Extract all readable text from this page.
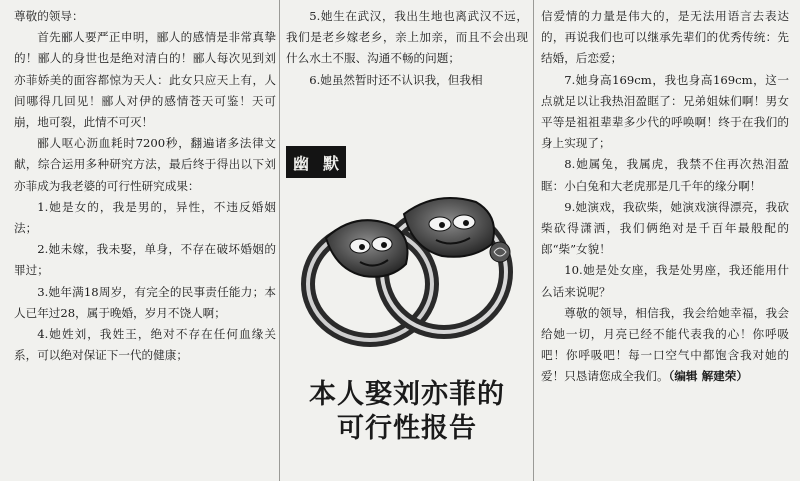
尊敬的领导：

首先郦人要严正申明，郦人的感情是非常真挚的！郦人的身世也是绝对清白的！郦人每次见到刘亦菲娇美的面容都惊为天人：此女只应天上有，人间哪得几回见！郦人对伊的感情苍天可鉴！天可崩，地可裂，此情不可灭！

郦人呕心沥血耗时7200秒，翻遍诸多法律文献，综合运用多种研究方法，最后终于得出以下刘亦菲成为我老婆的可行性研究成果：

1.她是女的，我是男的，异性，不违反婚姻法；

2.她未嫁，我未娶，单身，不存在破坏婚姻的罪过；

3.她年满18周岁，有完全的民事责任能力；本人已年过28，属于晚婚，岁月不饶人啊；

4.她姓刘，我姓王，绝对不存在任何血缘关系，可以绝对保证下一代的健康；

5.她生在武汉，我出生地也离武汉不远，我们是老乡嫁老乡，亲上加亲，而且不会出现什么水土不服、沟通不畅的问题；

6.她虽然暂时还不认识我，但我相

幽 默
本人娶刘亦菲的
可行性报告

信爱情的力量是伟大的，是无法用语言去表达的，再说我们也可以继承先辈们的优秀传统：先结婚，后恋爱；

7.她身高169cm，我也身高169cm，这一点就足以让我热泪盈眶了：兄弟姐妹们啊！男女平等是祖祖辈辈多少代的呼唤啊！终于在我们的身上实现了；

8.她属兔，我属虎，我禁不住再次热泪盈眶：小白兔和大老虎那是几千年的缘分啊！

9.她演戏，我砍柴，她演戏演得漂亮，我砍柴砍得潇洒，我们俩绝对是千百年最般配的郎“柴”女貌！

10.她是处女座，我是处男座，我还能用什么话来说呢？

尊敬的领导，相信我，我会给她幸福，我会给她一切，月亮已经不能代表我的心！你呼吸吧！你呼吸吧！每一口空气中都饱含我对她的爱！只恳请您成全我们。（编辑 解建荣）
